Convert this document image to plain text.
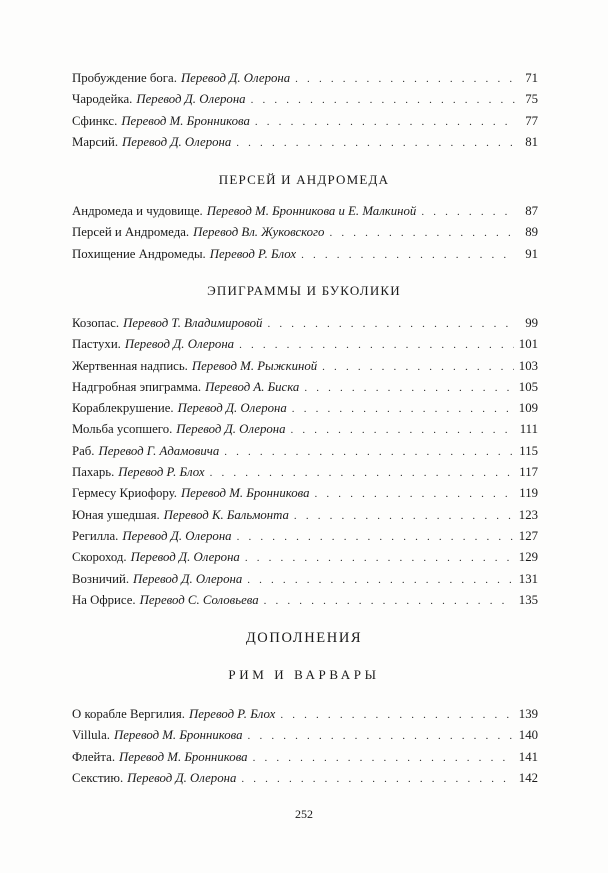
Пробуждение бога. Перевод Д. Олерона . . .	71
Чародейка. Перевод Д. Олерона . . .	75
Сфинкс. Перевод М. Бронникова . . .	77
Марсий. Перевод Д. Олерона . . .	81
ПЕРСЕЙ И АНДРОМЕДА
Андромеда и чудовище. Перевод М. Бронникова и Е. Малкиной . . .	87
Персей и Андромеда. Перевод Вл. Жуковского . . .	89
Похищение Андромеды. Перевод Р. Блох . . .	91
ЭПИГРАММЫ И БУКОЛИКИ
Козопас. Перевод Т. Владимировой . . .	99
Пастухи. Перевод Д. Олерона . . .	101
Жертвенная надпись. Перевод М. Рыжкиной . . .	103
Надгробная эпиграмма. Перевод А. Биска . . .	105
Кораблекрушение. Перевод Д. Олерона . . .	109
Мольба усопшего. Перевод Д. Олерона . . .	111
Раб. Перевод Г. Адамовича . . .	115
Пахарь. Перевод Р. Блох . . .	117
Гермесу Криофору. Перевод М. Бронникова . . .	119
Юная ушедшая. Перевод К. Бальмонта . . .	123
Регилла. Перевод Д. Олерона . . .	127
Скороход. Перевод Д. Олерона . . .	129
Возничий. Перевод Д. Олерона . . .	131
На Офрисе. Перевод С. Соловьева . . .	135
ДОПОЛНЕНИЯ
РИМ И ВАРВАРЫ
О корабле Вергилия. Перевод Р. Блох . . .	139
Villula. Перевод М. Бронникова . . .	140
Флейта. Перевод М. Бронникова . . .	141
Секстию. Перевод Д. Олерона . . .	142
252
